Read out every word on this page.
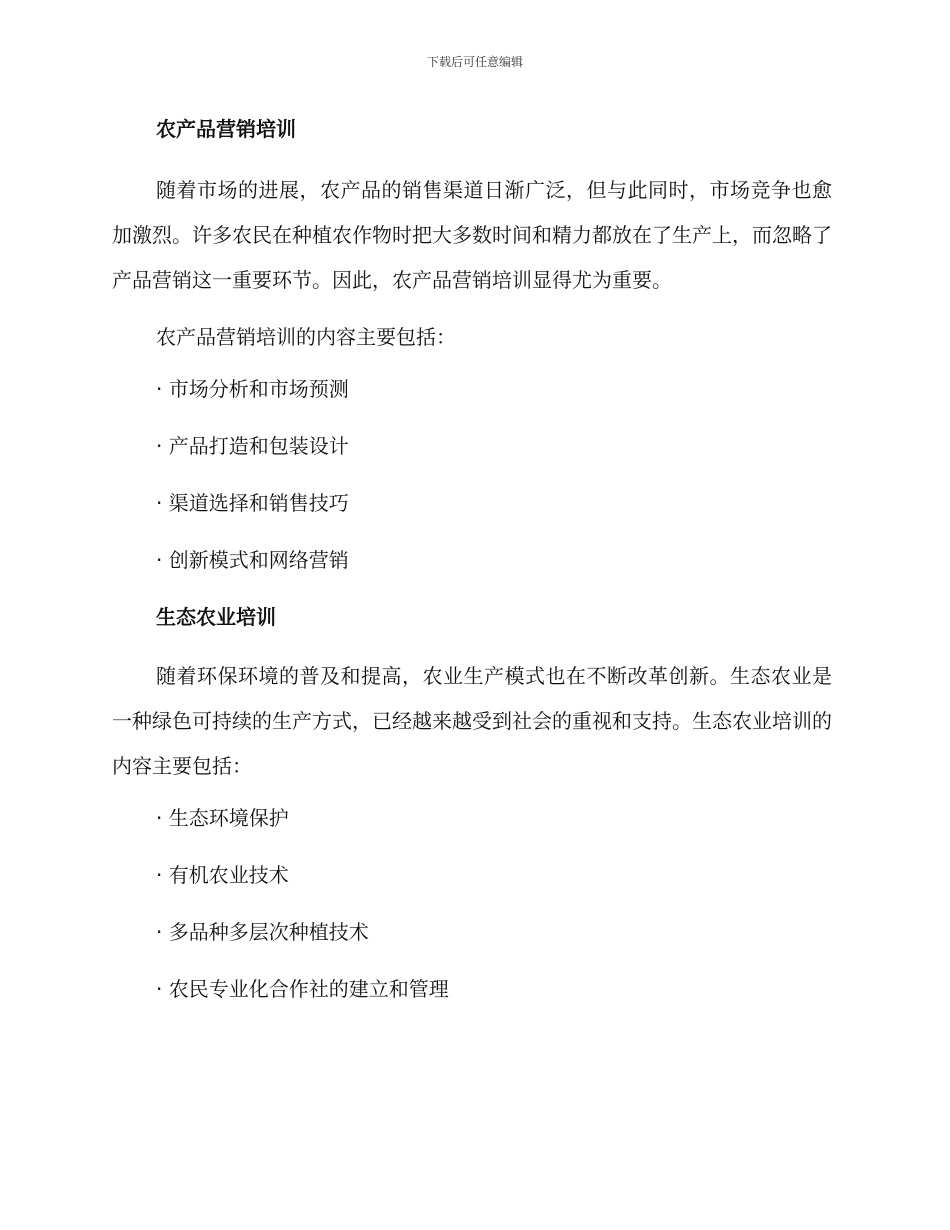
下载后可任意编辑
农产品营销培训

随着市场的进展，农产品的销售渠道日渐广泛，但与此同时，市场竞争也愈加激烈。许多农民在种植农作物时把大多数时间和精力都放在了生产上，而忽略了产品营销这一重要环节。因此，农产品营销培训显得尤为重要。

农产品营销培训的内容主要包括：

· 市场分析和市场预测
· 产品打造和包装设计
· 渠道选择和销售技巧
· 创新模式和网络营销
生态农业培训

随着环保环境的普及和提高，农业生产模式也在不断改革创新。生态农业是一种绿色可持续的生产方式，已经越来越受到社会的重视和支持。生态农业培训的内容主要包括：

· 生态环境保护
· 有机农业技术
· 多品种多层次种植技术
· 农民专业化合作社的建立和管理
